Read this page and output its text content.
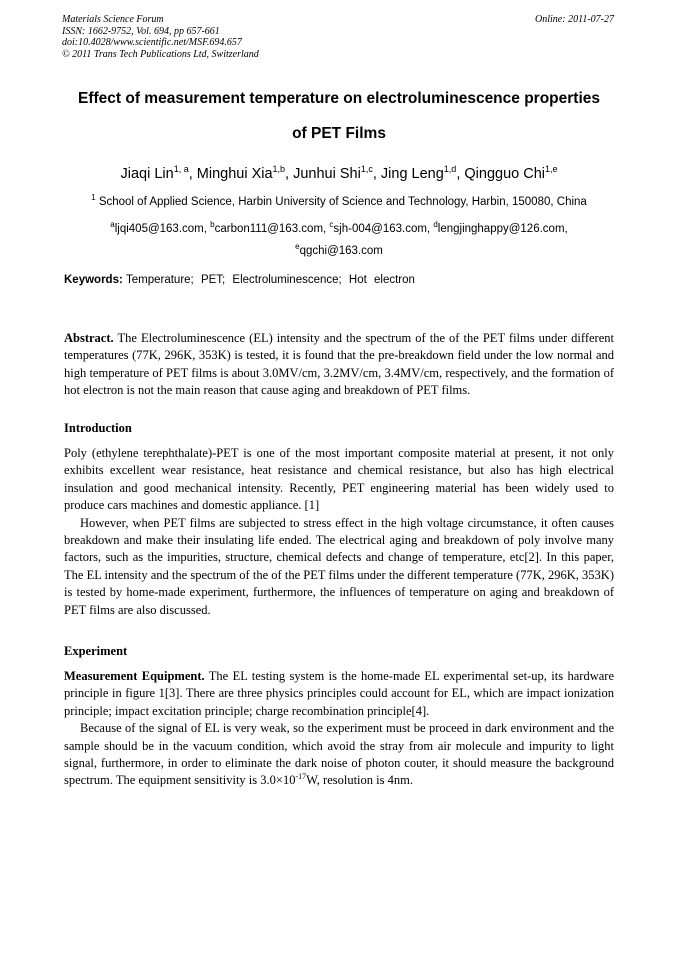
Materials Science Forum
ISSN: 1662-9752, Vol. 694, pp 657-661
doi:10.4028/www.scientific.net/MSF.694.657
© 2011 Trans Tech Publications Ltd, Switzerland
Online: 2011-07-27
Effect of measurement temperature on electroluminescence properties
of PET Films
Jiaqi Lin$^{1, a}$, Minghui Xia$^{1,b}$, Junhui Shi$^{1,c}$, Jing Leng$^{1,d}$, Qingguo Chi$^{1,e}$
$^1$ School of Applied Science, Harbin University of Science and Technology, Harbin, 150080, China
$^a$ljqi405@163.com, $^b$carbon111@163.com, $^c$sjh-004@163.com, $^d$lengjinghappy@126.com,
$^e$qgchi@163.com
Keywords: Temperature; PET; Electroluminescence; Hot electron

Abstract. The Electroluminescence (EL) intensity and the spectrum of the of the PET films under different temperatures (77K, 296K, 353K) is tested, it is found that the pre-breakdown field under the low normal and high temperature of PET films is about 3.0MV/cm, 3.2MV/cm, 3.4MV/cm, respectively, and the formation of hot electron is not the main reason that cause aging and breakdown of PET films.

Introduction

Poly (ethylene terephthalate)-PET is one of the most important composite material at present, it not only exhibits excellent wear resistance, heat resistance and chemical resistance, but also has high electrical insulation and good mechanical intensity. Recently, PET engineering material has been widely used to produce cars machines and domestic appliance. [1]

However, when PET films are subjected to stress effect in the high voltage circumstance, it often causes breakdown and make their insulating life ended. The electrical aging and breakdown of poly involve many factors, such as the impurities, structure, chemical defects and change of temperature, etc[2]. In this paper, The EL intensity and the spectrum of the of the PET films under the different temperature (77K, 296K, 353K) is tested by home-made experiment, furthermore, the influences of temperature on aging and breakdown of PET films are also discussed.

Experiment

Measurement Equipment. The EL testing system is the home-made EL experimental set-up, its hardware principle in figure 1[3]. There are three physics principles could account for EL, which are impact ionization principle; impact excitation principle; charge recombination principle[4].

Because of the signal of EL is very weak, so the experiment must be proceed in dark environment and the sample should be in the vacuum condition, which avoid the stray from air molecule and impurity to light signal, furthermore, in order to eliminate the dark noise of photon couter, it should measure the background spectrum. The equipment sensitivity is $3.0\times 10^{-17}W$, resolution is 4nm.
